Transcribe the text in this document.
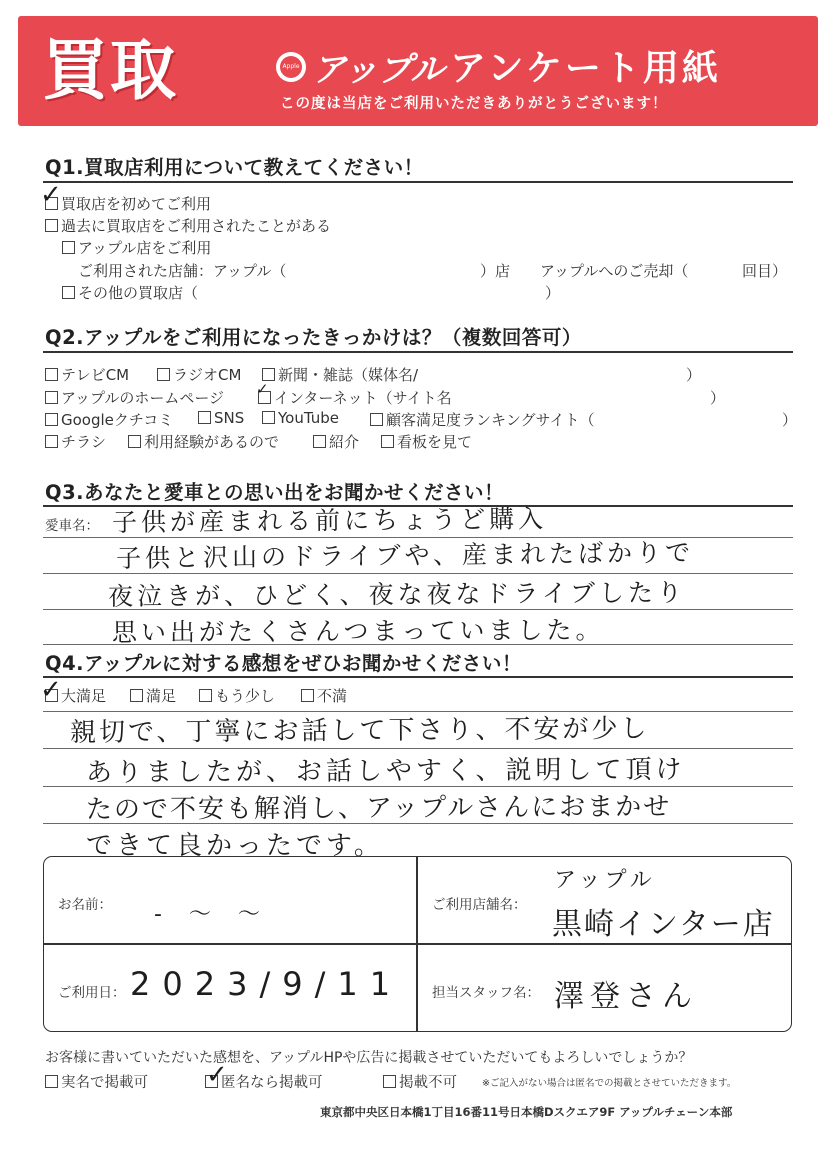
買取	Apple アップル アンケート用紙
この度は当店をご利用いただきありがとうございます！
Q1.買取店利用について教えてください！
買取店を初めてご利用
✓
過去に買取店をご利用されたことがある
アップル店をご利用
ご利用された店舗：アップル（	）店 アップルへのご売却（	回目）
その他の買取店（	）
Q2.アップルをご利用になったきっかけは？（複数回答可）
テレビCM	ラジオCM	新聞・雑誌（媒体名/	）
アップルのホームページ	インターネット（サイト名
✓	）
Googleクチコミ	SNS	YouTube	顧客満足度ランキングサイト（	）
チラシ	利用経験があるので	紹介	看板を見て
Q3.あなたと愛車との思い出をお聞かせください！
愛車名： 子供が産まれる前にちょうど購入
子供と沢山のドライブや、産まれたばかりで
夜泣きが、ひどく、夜な夜なドライブしたり
思い出がたくさんつまっていました。
Q4.アップルに対する感想をぜひお聞かせください！
大満足
✓	満足	もう少し	不満
親切で、丁寧にお話して下さり、不安が少し
ありましたが、お話しやすく、説明して頂け
たので不安も解消し、アップルさんにおまかせ
できて良かったです。
お名前： - 〜 〜	ご利用店舗名：
アップル
黒崎インター店
ご利用日： 2023/9/11 担当スタッフ名： 澤登さん
お客様に書いていただいた感想を、アップルHPや広告に掲載させていただいてもよろしいでしょうか？
実名で掲載可	匿名なら掲載可
✓	掲載不可	※ご記入がない場合は匿名での掲載とさせていただきます。
東京都中央区日本橋1丁目16番11号日本橋Dスクエア9F アップルチェーン本部
